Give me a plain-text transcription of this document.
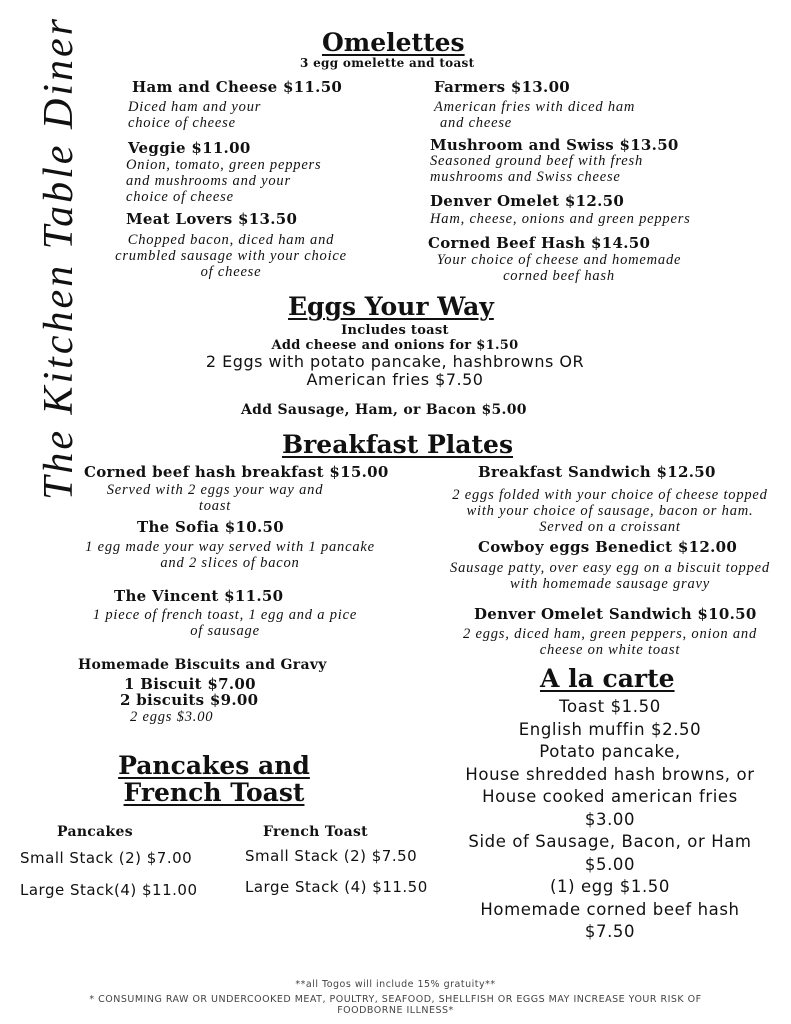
The Kitchen Table Diner	Omelettes
3 egg omelette and toast
Ham and Cheese $11.50
Diced ham and your
choice of cheese
Veggie $11.00
Onion, tomato, green peppers
and mushrooms and your
choice of cheese
Meat Lovers $13.50
Chopped bacon, diced ham and
crumbled sausage with your choice
of cheese
Farmers $13.00
American fries with diced ham
and cheese
Mushroom and Swiss $13.50
Seasoned ground beef with fresh
mushrooms and Swiss cheese
Denver Omelet $12.50
Ham, cheese, onions and green peppers
Corned Beef Hash $14.50
Your choice of cheese and homemade
corned beef hash
Eggs Your Way
Includes toast
Add cheese and onions for $1.50
2 Eggs with potato pancake, hashbrowns OR
American fries $7.50
Add Sausage, Ham, or Bacon $5.00
Breakfast Plates
Corned beef hash breakfast $15.00
Served with 2 eggs your way and
toast
The Sofia $10.50
1 egg made your way served with 1 pancake
and 2 slices of bacon
The Vincent $11.50
1 piece of french toast, 1 egg and a pice
of sausage
Homemade Biscuits and Gravy
1 Biscuit $7.00
2 biscuits $9.00
2 eggs $3.00
Breakfast Sandwich $12.50
2 eggs folded with your choice of cheese topped
with your choice of sausage, bacon or ham.
Served on a croissant
Cowboy eggs Benedict $12.00
Sausage patty, over easy egg on a biscuit topped
with homemade sausage gravy
Denver Omelet Sandwich $10.50
2 eggs, diced ham, green peppers, onion and
cheese on white toast
A la carte
Toast $1.50
English muffin $2.50
Potato pancake,
House shredded hash browns, or
House cooked american fries
$3.00
Side of Sausage, Bacon, or Ham
$5.00
(1) egg $1.50
Homemade corned beef hash
$7.50
Pancakes and
French Toast
Pancakes
Small Stack (2) $7.00
Large Stack(4) $11.00
French Toast
Small Stack (2) $7.50
Large Stack (4) $11.50
**all Togos will include 15% gratuity**
* CONSUMING RAW OR UNDERCOOKED MEAT, POULTRY, SEAFOOD, SHELLFISH OR EGGS MAY INCREASE YOUR RISK OF
FOODBORNE ILLNESS*
